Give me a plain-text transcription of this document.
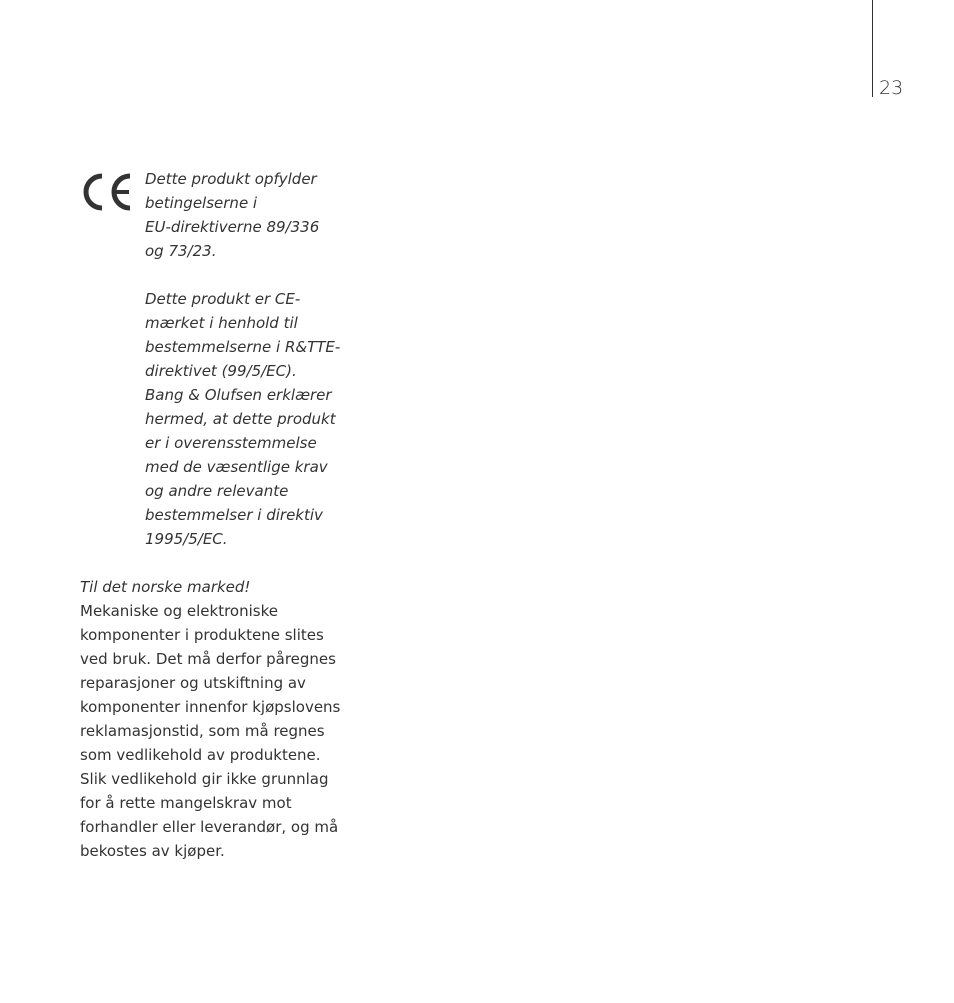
23

Dette produkt opfylder
betingelserne i
EU-direktiverne 89/336
og 73/23.

Dette produkt er CE-
mærket i henhold til
bestemmelserne i R&TTE-
direktivet (99/5/EC).
Bang & Olufsen erklærer
hermed, at dette produkt
er i overensstemmelse
med de væsentlige krav
og andre relevante
bestemmelser i direktiv
1995/5/EC.

Til det norske marked!
Mekaniske og elektroniske
komponenter i produktene slites
ved bruk. Det må derfor påregnes
reparasjoner og utskiftning av
komponenter innenfor kjøpslovens
reklamasjonstid, som må regnes
som vedlikehold av produktene.
Slik vedlikehold gir ikke grunnlag
for å rette mangelskrav mot
forhandler eller leverandør, og må
bekostes av kjøper.
